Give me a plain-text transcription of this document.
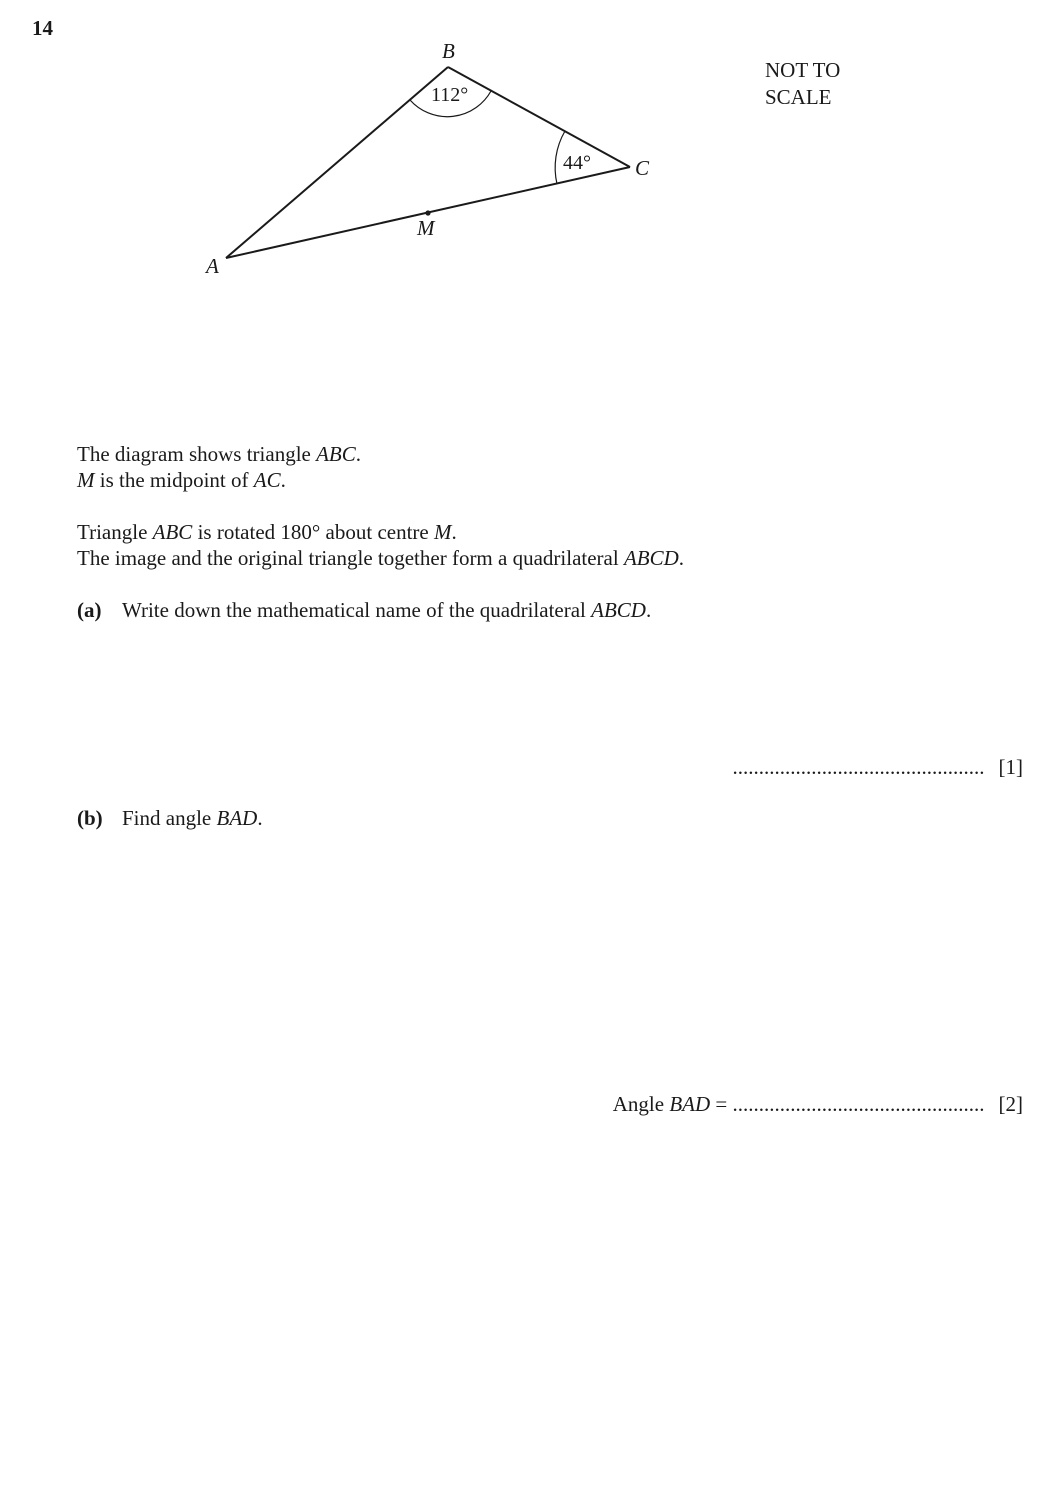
14
B
C
A
M
112°
44°
NOT TO
SCALE
The diagram shows triangle ABC.
M is the midpoint of AC.
Triangle ABC is rotated 180° about centre M.
The image and the original triangle together form a quadrilateral ABCD.
(a) Write down the mathematical name of the quadrilateral ABCD.
................................................ [1]
(b) Find angle BAD.
Angle BAD = ................................................ [2]
